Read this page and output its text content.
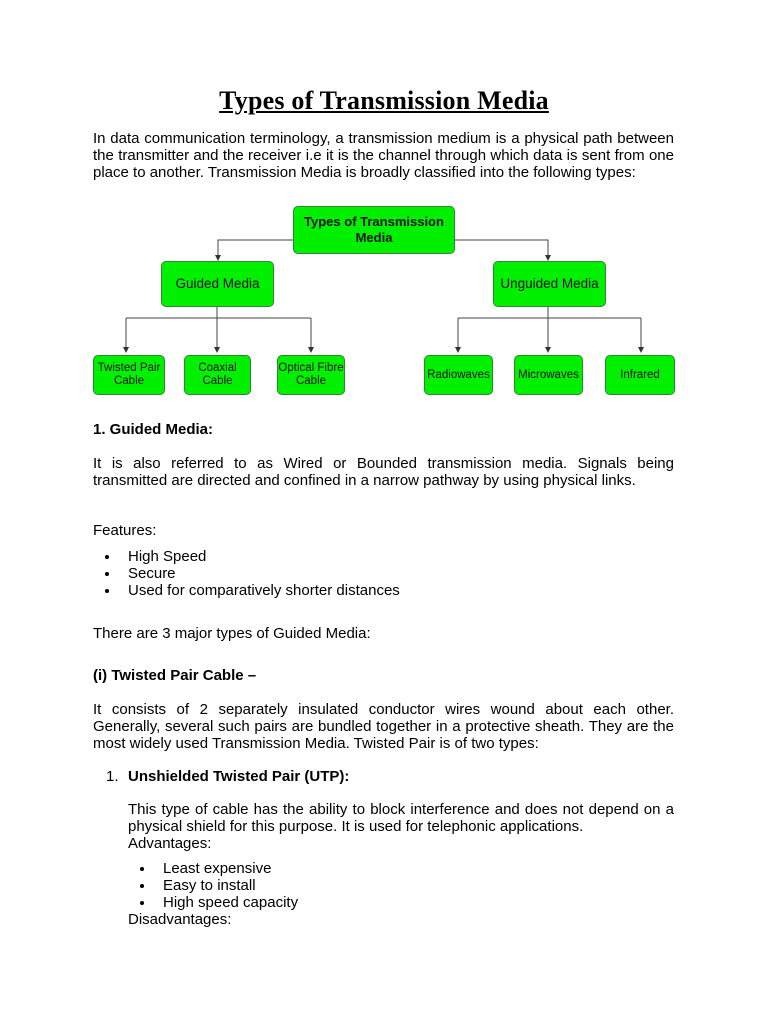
Types of Transmission Media
In data communication terminology, a transmission medium is a physical path between the transmitter and the receiver i.e it is the channel through which data is sent from one place to another. Transmission Media is broadly classified into the following types:
Types of Transmission Media
Guided Media	Unguided Media
Twisted Pair Cable
Coaxial Cable
Optical Fibre Cable
Radiowaves	Microwaves	Infrared
1. Guided Media:
It is also referred to as Wired or Bounded transmission media. Signals being transmitted are directed and confined in a narrow pathway by using physical links.
Features:
High Speed
Secure
Used for comparatively shorter distances
There are 3 major types of Guided Media:
(i) Twisted Pair Cable –
It consists of 2 separately insulated conductor wires wound about each other. Generally, several such pairs are bundled together in a protective sheath. They are the most widely used Transmission Media. Twisted Pair is of two types:
1. Unshielded Twisted Pair (UTP):
This type of cable has the ability to block interference and does not depend on a physical shield for this purpose. It is used for telephonic applications.
Advantages:
Least expensive
Easy to install
High speed capacity
Disadvantages:
